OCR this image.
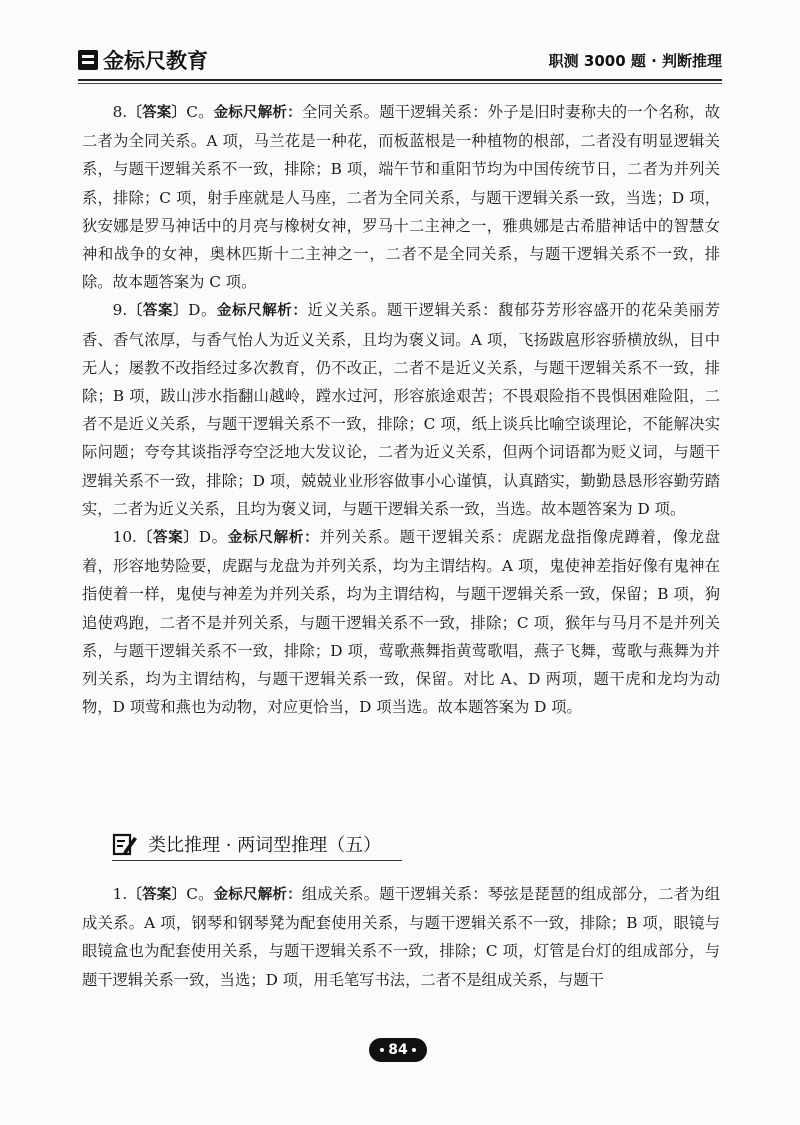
金标尺教育	职测 3000 题 · 判断推理

8.〔答案〕C。金标尺解析：全同关系。题干逻辑关系：外子是旧时妻称夫的一个名称，故二者为全同关系。A 项，马兰花是一种花，而板蓝根是一种植物的根部，二者没有明显逻辑关系，与题干逻辑关系不一致，排除；B 项，端午节和重阳节均为中国传统节日，二者为并列关系，排除；C 项，射手座就是人马座，二者为全同关系，与题干逻辑关系一致，当选；D 项，狄安娜是罗马神话中的月亮与橡树女神，罗马十二主神之一，雅典娜是古希腊神话中的智慧女神和战争的女神，奥林匹斯十二主神之一，二者不是全同关系，与题干逻辑关系不一致，排除。故本题答案为 C 项。

9.〔答案〕D。金标尺解析：近义关系。题干逻辑关系：馥郁芬芳形容盛开的花朵美丽芳香、香气浓厚，与香气怡人为近义关系，且均为褒义词。A 项，飞扬跋扈形容骄横放纵，目中无人；屡教不改指经过多次教育，仍不改正，二者不是近义关系，与题干逻辑关系不一致，排除；B 项，跋山涉水指翻山越岭，蹚水过河，形容旅途艰苦；不畏艰险指不畏惧困难险阻，二者不是近义关系，与题干逻辑关系不一致，排除；C 项，纸上谈兵比喻空谈理论，不能解决实际问题；夸夸其谈指浮夸空泛地大发议论，二者为近义关系，但两个词语都为贬义词，与题干逻辑关系不一致，排除；D 项，兢兢业业形容做事小心谨慎，认真踏实，勤勤恳恳形容勤劳踏实，二者为近义关系，且均为褒义词，与题干逻辑关系一致，当选。故本题答案为 D 项。

10.〔答案〕D。金标尺解析：并列关系。题干逻辑关系：虎踞龙盘指像虎蹲着，像龙盘着，形容地势险要，虎踞与龙盘为并列关系，均为主谓结构。A 项，鬼使神差指好像有鬼神在指使着一样，鬼使与神差为并列关系，均为主谓结构，与题干逻辑关系一致，保留；B 项，狗追使鸡跑，二者不是并列关系，与题干逻辑关系不一致，排除；C 项，猴年与马月不是并列关系，与题干逻辑关系不一致，排除；D 项，莺歌燕舞指黄莺歌唱，燕子飞舞，莺歌与燕舞为并列关系，均为主谓结构，与题干逻辑关系一致，保留。对比 A、D 两项，题干虎和龙均为动物，D 项莺和燕也为动物，对应更恰当，D 项当选。故本题答案为 D 项。

类比推理 · 两词型推理（五）

1.〔答案〕C。金标尺解析：组成关系。题干逻辑关系：琴弦是琵琶的组成部分，二者为组成关系。A 项，钢琴和钢琴凳为配套使用关系，与题干逻辑关系不一致，排除；B 项，眼镜与眼镜盒也为配套使用关系，与题干逻辑关系不一致，排除；C 项，灯管是台灯的组成部分，与题干逻辑关系一致，当选；D 项，用毛笔写书法，二者不是组成关系，与题干

84
